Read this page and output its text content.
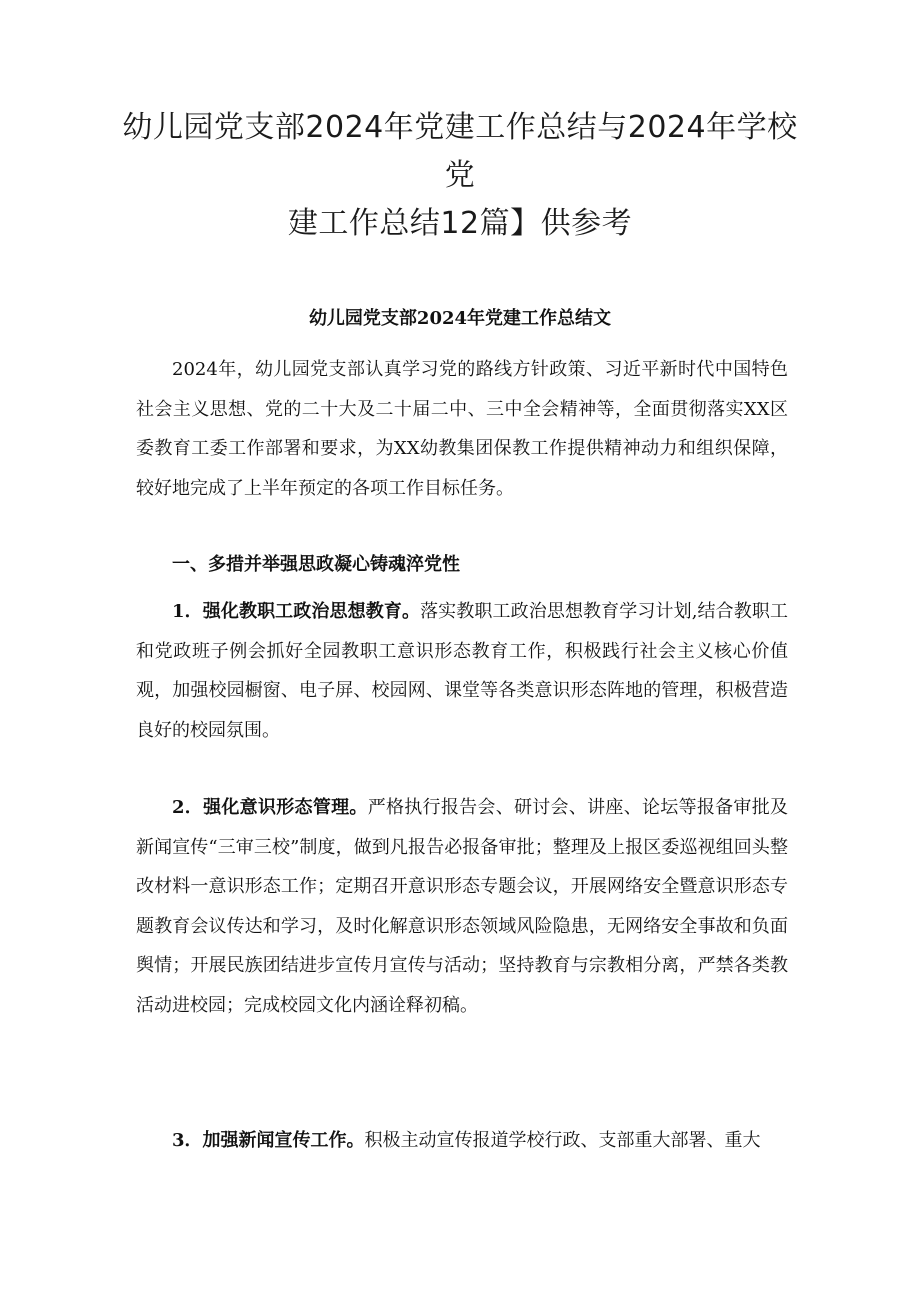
幼儿园党支部2024年党建工作总结与2024年学校党
建工作总结12篇】供参考
幼儿园党支部2024年党建工作总结文

2024年，幼儿园党支部认真学习党的路线方针政策、习近平新时代中国特色社会主义思想、党的二十大及二十届二中、三中全会精神等，全面贯彻落实XX区委教育工委工作部署和要求，为XX幼教集团保教工作提供精神动力和组织保障，较好地完成了上半年预定的各项工作目标任务。

一、多措并举强思政凝心铸魂淬党性

1．强化教职工政治思想教育。落实教职工政治思想教育学习计划,结合教职工和党政班子例会抓好全园教职工意识形态教育工作，积极践行社会主义核心价值观，加强校园橱窗、电子屏、校园网、课堂等各类意识形态阵地的管理，积极营造良好的校园氛围。

2．强化意识形态管理。严格执行报告会、研讨会、讲座、论坛等报备审批及新闻宣传“三审三校”制度，做到凡报告必报备审批；整理及上报区委巡视组回头整改材料一意识形态工作；定期召开意识形态专题会议，开展网络安全暨意识形态专题教育会议传达和学习，及时化解意识形态领域风险隐患，无网络安全事故和负面舆情；开展民族团结进步宣传月宣传与活动；坚持教育与宗教相分离，严禁各类教活动进校园；完成校园文化内涵诠释初稿。

3．加强新闻宣传工作。积极主动宣传报道学校行政、支部重大部署、重大
